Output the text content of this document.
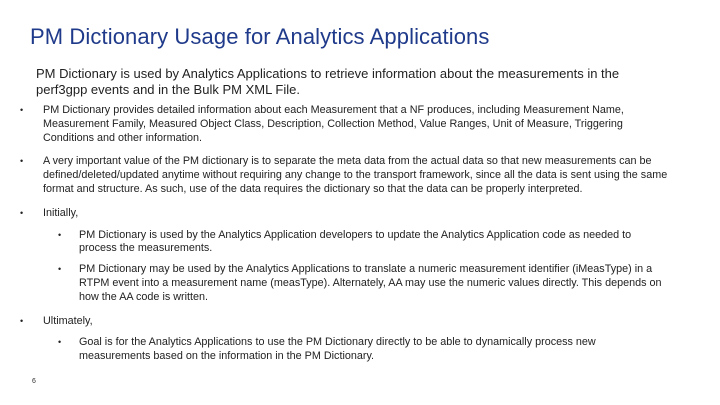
PM Dictionary Usage for Analytics Applications
PM Dictionary is used by Analytics Applications to retrieve information about the measurements in the perf3gpp events and in the Bulk PM XML File.
• PM Dictionary provides detailed information about each Measurement that a NF produces, including Measurement Name, Measurement Family, Measured Object Class, Description, Collection Method, Value Ranges, Unit of Measure, Triggering Conditions and other information.
• A very important value of the PM dictionary is to separate the meta data from the actual data so that new measurements can be defined/deleted/updated anytime without requiring any change to the transport framework, since all the data is sent using the same format and structure. As such, use of the data requires the dictionary so that the data can be properly interpreted.
• Initially,
• PM Dictionary is used by the Analytics Application developers to update the Analytics Application code as needed to process the measurements.
• PM Dictionary may be used by the Analytics Applications to translate a numeric measurement identifier (iMeasType) in a RTPM event into a measurement name (measType). Alternately, AA may use the numeric values directly. This depends on how the AA code is written.
• Ultimately,
• Goal is for the Analytics Applications to use the PM Dictionary directly to be able to dynamically process new measurements based on the information in the PM Dictionary.
6
